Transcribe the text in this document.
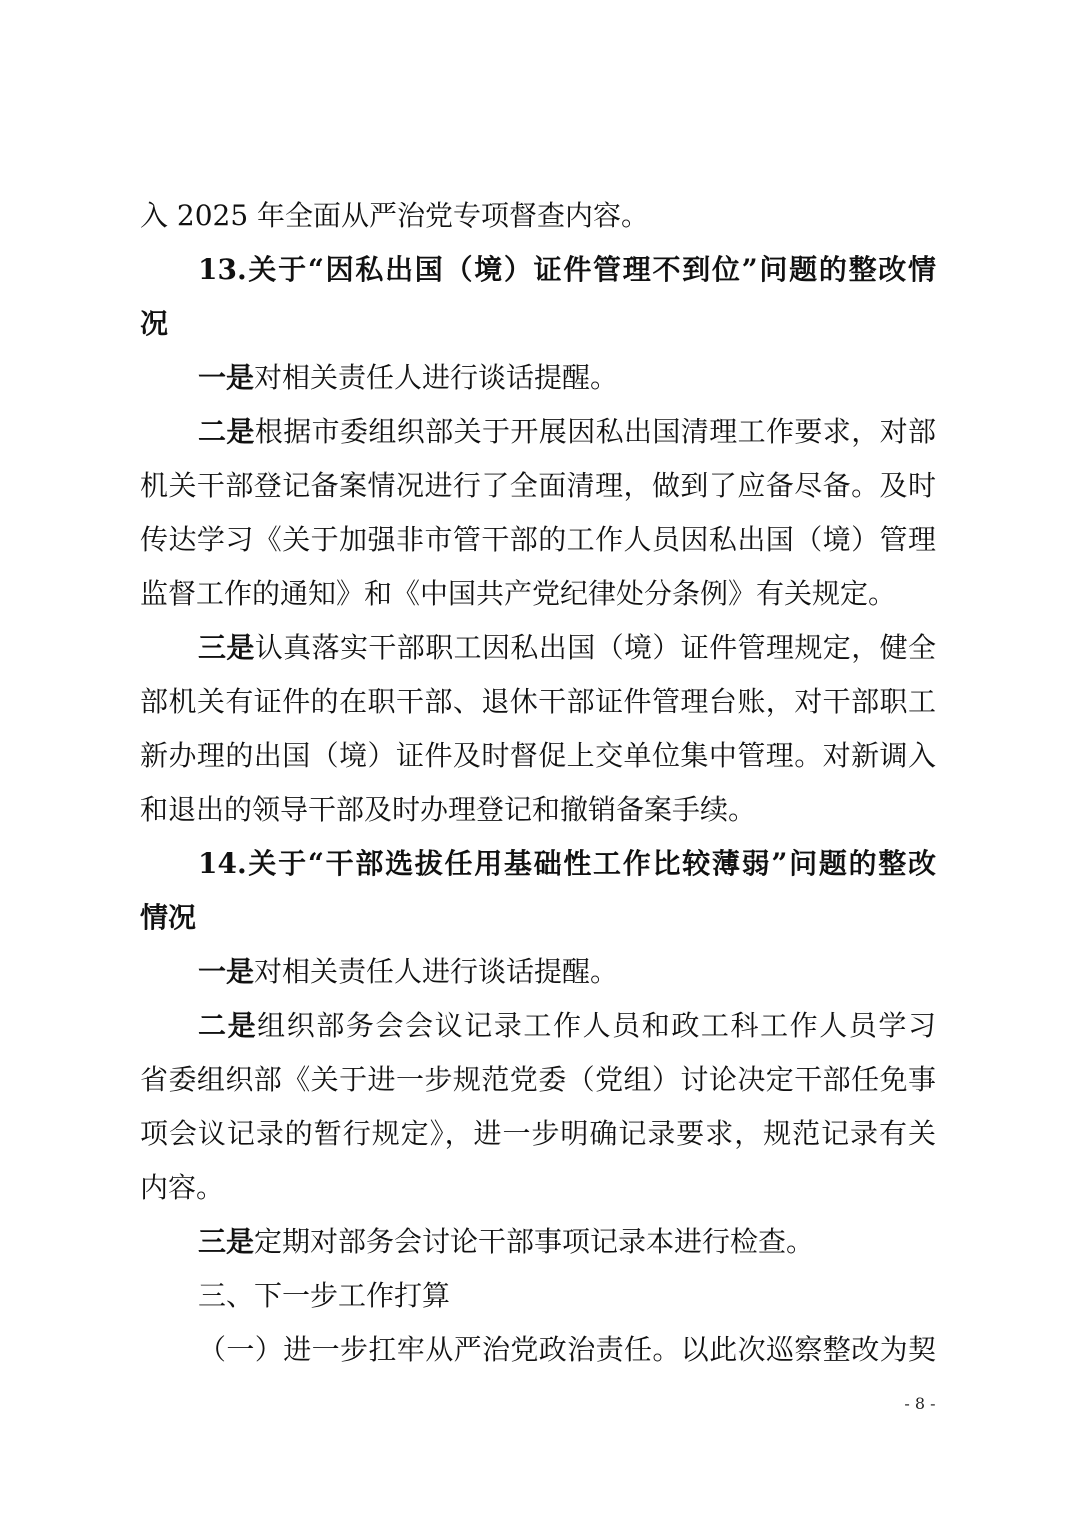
入 2025 年全面从严治党专项督查内容。
13.关于“因私出国（境）证件管理不到位”问题的整改情
况
一是对相关责任人进行谈话提醒。
二是根据市委组织部关于开展因私出国清理工作要求，对部
机关干部登记备案情况进行了全面清理，做到了应备尽备。及时
传达学习《关于加强非市管干部的工作人员因私出国（境）管理
监督工作的通知》和《中国共产党纪律处分条例》有关规定。
三是认真落实干部职工因私出国（境）证件管理规定，健全
部机关有证件的在职干部、退休干部证件管理台账，对干部职工
新办理的出国（境）证件及时督促上交单位集中管理。对新调入
和退出的领导干部及时办理登记和撤销备案手续。
14.关于“干部选拔任用基础性工作比较薄弱”问题的整改
情况
一是对相关责任人进行谈话提醒。
二是组织部务会会议记录工作人员和政工科工作人员学习
省委组织部《关于进一步规范党委（党组）讨论决定干部任免事
项会议记录的暂行规定》，进一步明确记录要求，规范记录有关
内容。
三是定期对部务会讨论干部事项记录本进行检查。
三、下一步工作打算
（一）进一步扛牢从严治党政治责任。以此次巡察整改为契
- 8 -
